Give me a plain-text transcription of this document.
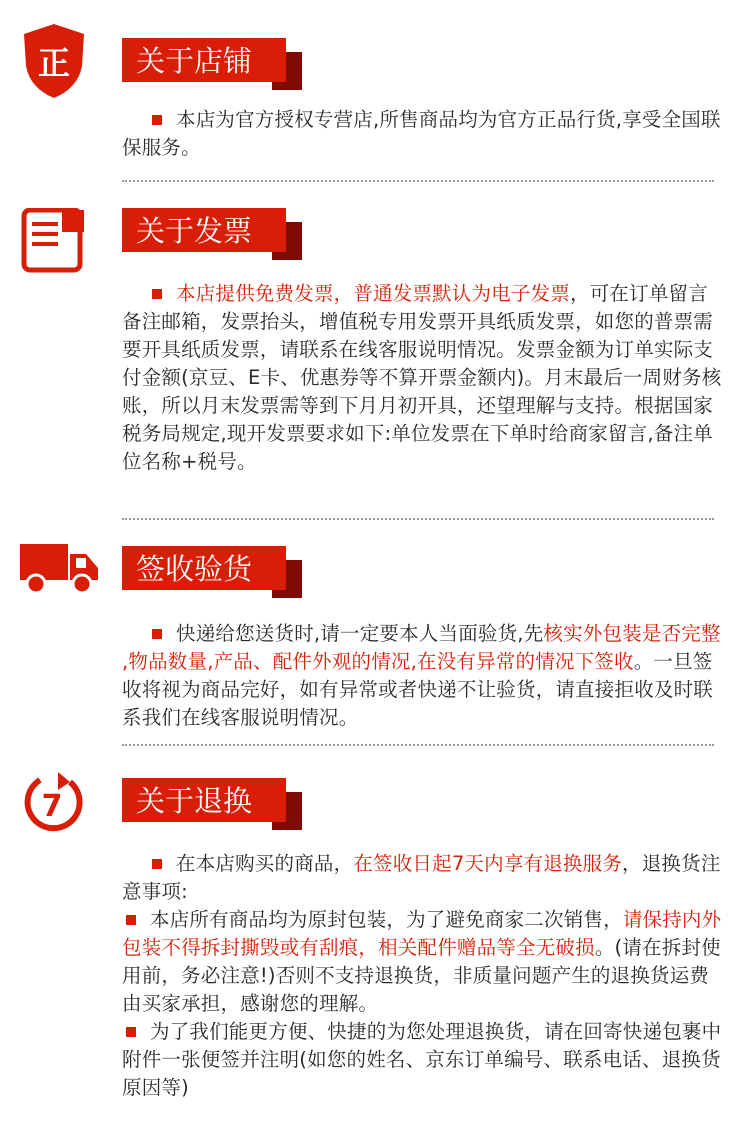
正 关于店铺
本店为官方授权专营店,所售商品均为官方正品行货,享受全国联保服务。
关于发票
本店提供免费发票，普通发票默认为电子发票，可在订单留言备注邮箱，发票抬头，增值税专用发票开具纸质发票，如您的普票需要开具纸质发票，请联系在线客服说明情况。发票金额为订单实际支付金额(京豆、E卡、优惠券等不算开票金额内)。月末最后一周财务核账，所以月末发票需等到下月月初开具，还望理解与支持。根据国家税务局规定,现开发票要求如下:单位发票在下单时给商家留言,备注单位名称+税号。
签收验货
快递给您送货时,请一定要本人当面验货,先核实外包装是否完整 ,物品数量,产品、配件外观的情况,在没有异常的情况下签收。一旦签收将视为商品完好，如有异常或者快递不让验货，请直接拒收及时联系我们在线客服说明情况。
7	关于退换
在本店购买的商品，在签收日起7天内享有退换服务，退换货注意事项:
本店所有商品均为原封包装，为了避免商家二次销售，请保持内外包装不得拆封撕毁或有刮痕，相关配件赠品等全无破损。(请在拆封使用前，务必注意!)否则不支持退换货，非质量问题产生的退换货运费由买家承担，感谢您的理解。
为了我们能更方便、快捷的为您处理退换货，请在回寄快递包裹中附件一张便签并注明(如您的姓名、京东订单编号、联系电话、退换货原因等)
